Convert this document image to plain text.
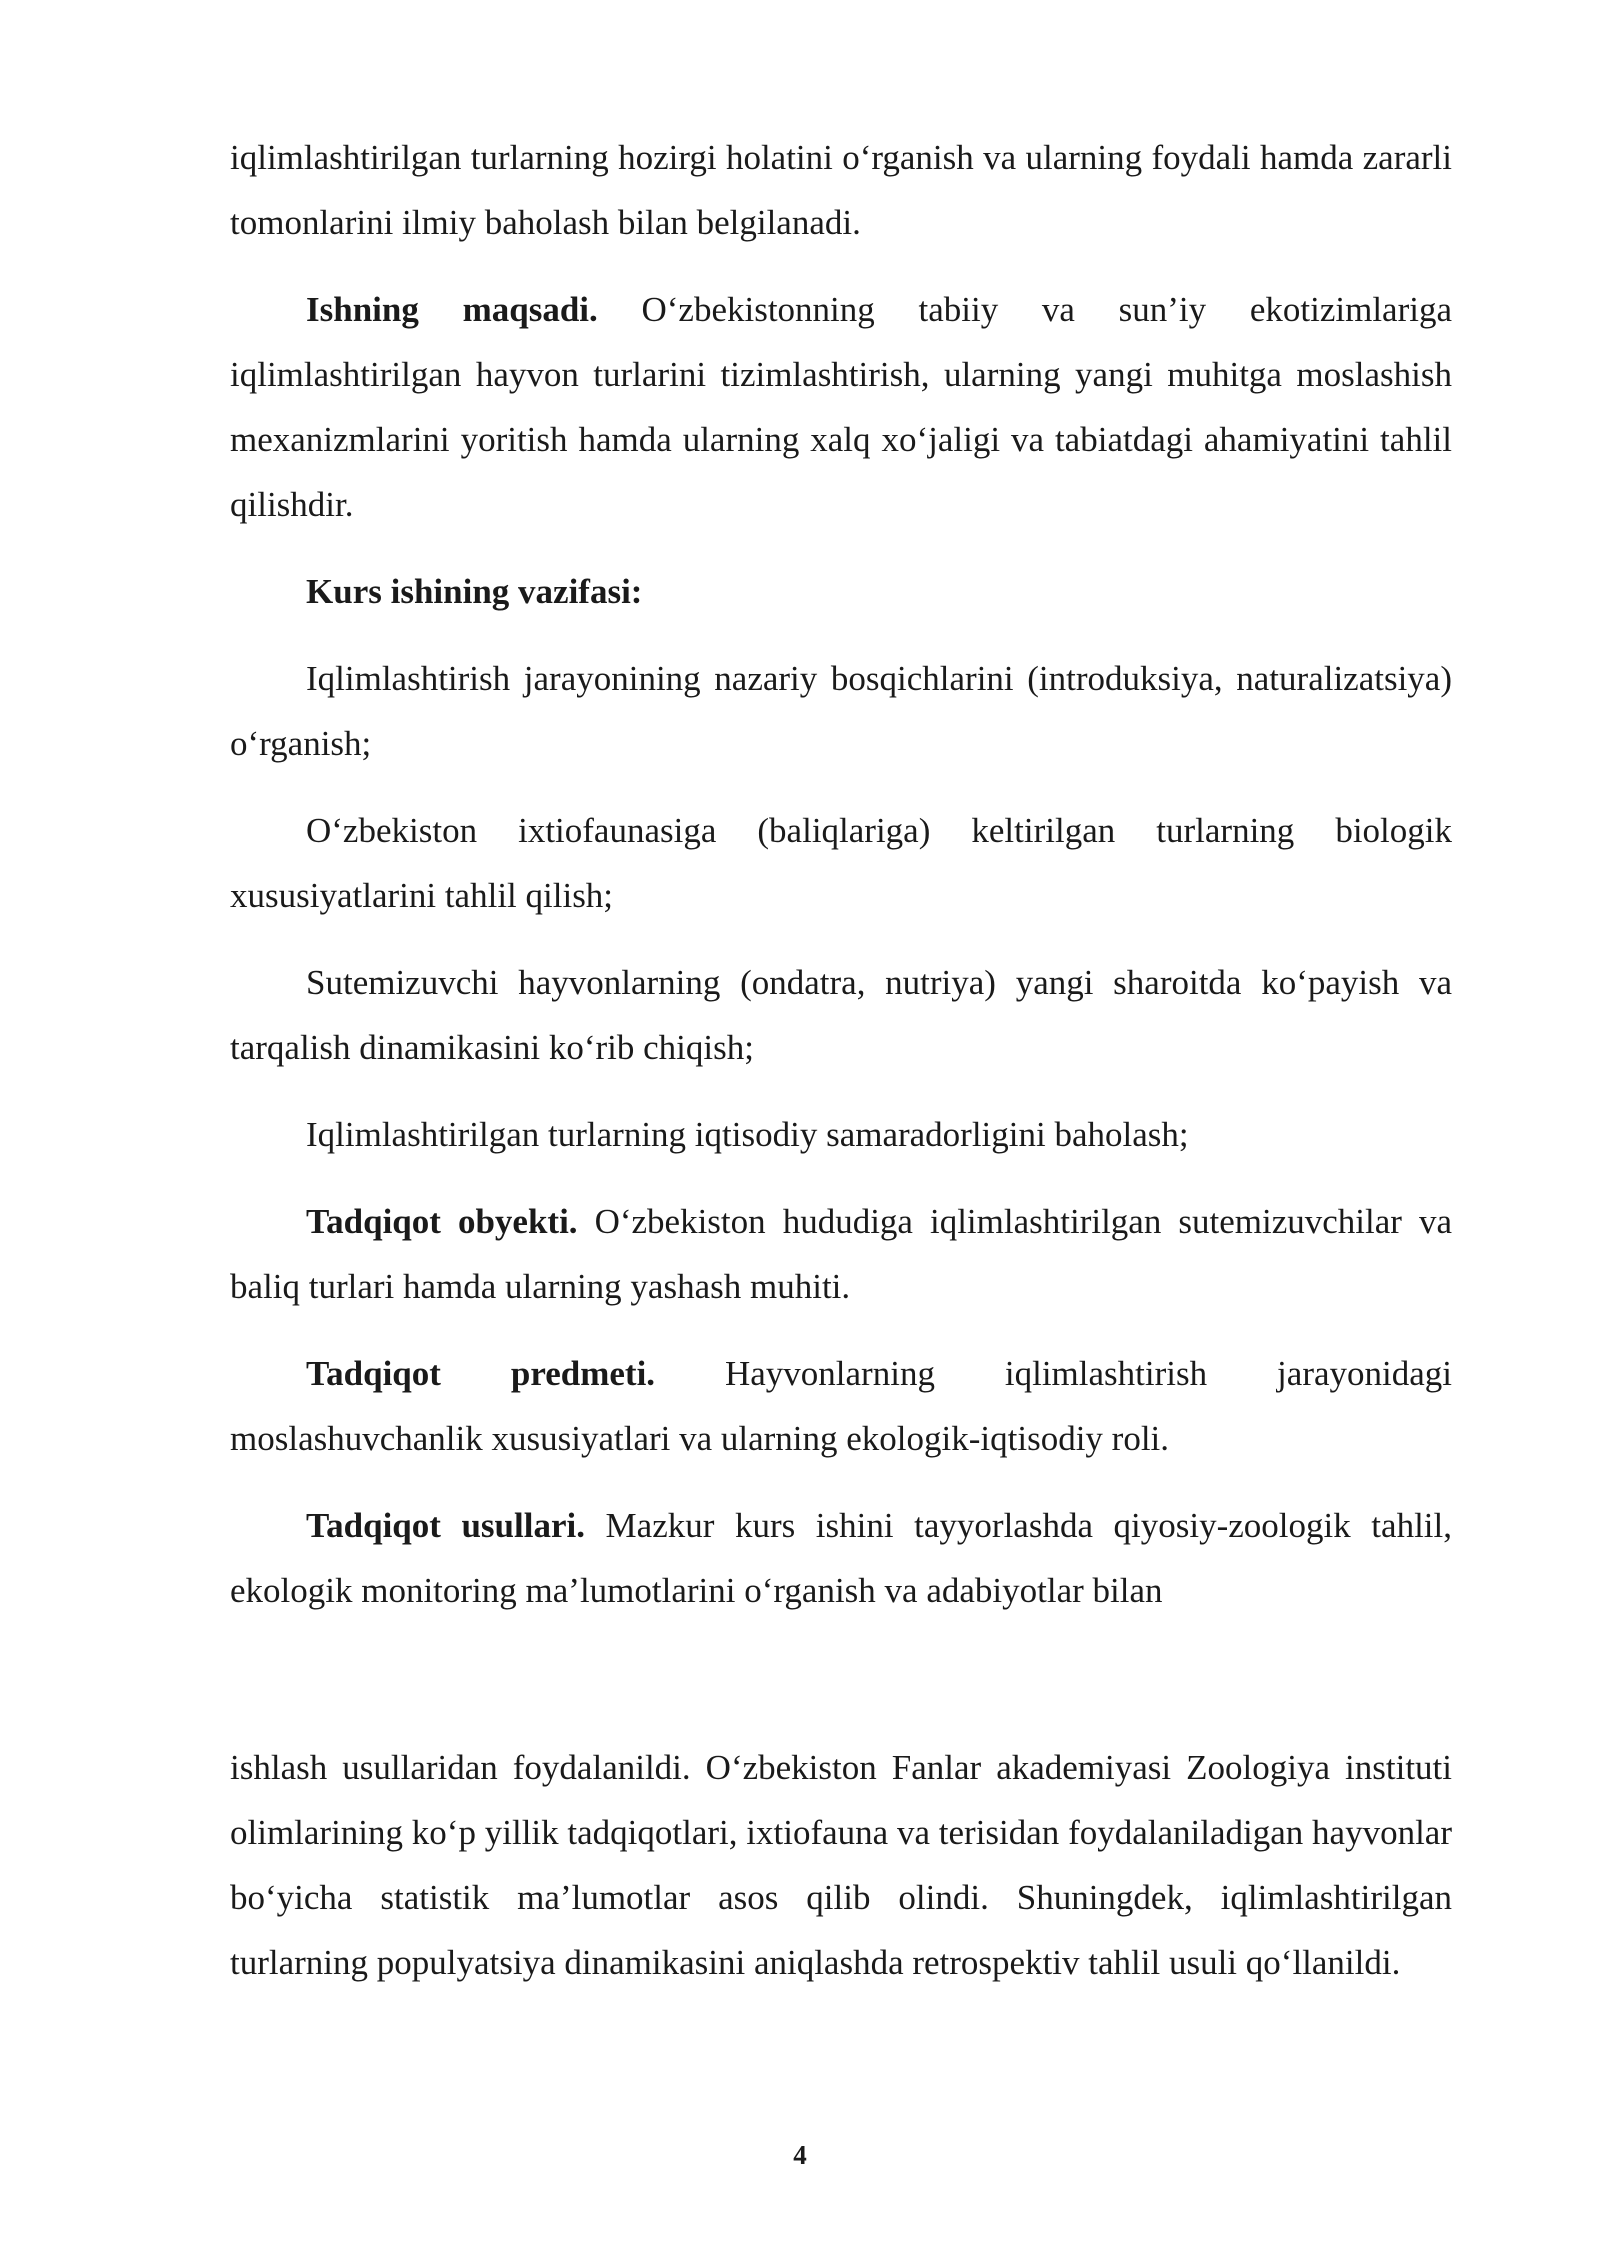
iqlimlashtirilgan turlarning hozirgi holatini o‘rganish va ularning foydali hamda zararli tomonlarini ilmiy baholash bilan belgilanadi.

Ishning maqsadi. O‘zbekistonning tabiiy va sun’iy ekotizimlariga iqlimlashtirilgan hayvon turlarini tizimlashtirish, ularning yangi muhitga moslashish mexanizmlarini yoritish hamda ularning xalq xo‘jaligi va tabiatdagi ahamiyatini tahlil qilishdir.

Kurs ishining vazifasi:

Iqlimlashtirish jarayonining nazariy bosqichlarini (introduksiya, naturalizatsiya) o‘rganish;

O‘zbekiston ixtiofaunasiga (baliqlariga) keltirilgan turlarning biologik xususiyatlarini tahlil qilish;

Sutemizuvchi hayvonlarning (ondatra, nutriya) yangi sharoitda ko‘payish va tarqalish dinamikasini ko‘rib chiqish;

Iqlimlashtirilgan turlarning iqtisodiy samaradorligini baholash;

Tadqiqot obyekti. O‘zbekiston hududiga iqlimlashtirilgan sutemizuvchilar va baliq turlari hamda ularning yashash muhiti.

Tadqiqot predmeti. Hayvonlarning iqlimlashtirish jarayonidagi moslashuvchanlik xususiyatlari va ularning ekologik-iqtisodiy roli.

Tadqiqot usullari. Mazkur kurs ishini tayyorlashda qiyosiy-zoologik tahlil, ekologik monitoring ma’lumotlarini o‘rganish va adabiyotlar bilan

ishlash usullaridan foydalanildi. O‘zbekiston Fanlar akademiyasi Zoologiya instituti olimlarining ko‘p yillik tadqiqotlari, ixtiofauna va terisidan foydalaniladigan hayvonlar bo‘yicha statistik ma’lumotlar asos qilib olindi. Shuningdek, iqlimlashtirilgan turlarning populyatsiya dinamikasini aniqlashda retrospektiv tahlil usuli qo‘llanildi.

4
